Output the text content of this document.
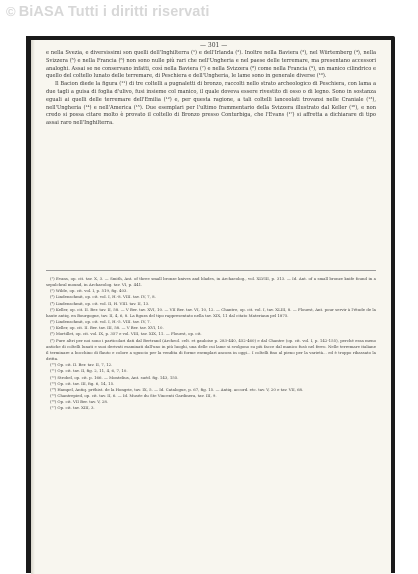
© BiASA Tutti i diritti riservati
— 301 —

e nella Svezia, e diversissimi son quelli dell'Inghilterra (¹) e dell'Irlanda (²). Inoltre nella Baviera (³), nel Würtemberg (⁴), nella Svizzera (⁵) e nella Francia (⁶) non sono nulle più rari che nell'Ungheria e nel paese delle terremare, ma presentano accessori analoghi. Assai se ne conservano infatti, così nella Baviera (⁷) e nella Svizzera (⁸) come nella Francia (⁹), un manico cilindrico e quello del coltello lunato delle terremare, di Peschiera e dell'Ungheria, le lame sono in generale diverse (¹⁰).

Il Bacion diede la figura (¹¹) di tre coltelli a pugnaletti di bronzo, raccolti nello strato archeologico di Peschiera, con lama a due tagli a guisa di foglia d'ulivo, fusi insieme col manico, il quale doveva essere rivestito di osso o di legno. Sono in sostanza eguali ai quelli delle terremare dell'Emilia (¹²) e, per questa ragione, a tali coltelli lanceolati trovansi nelle Craniale (¹³), nell'Ungheria (¹⁴) e nell'America (¹⁵). Due esemplari per l'ultimo frammentario della Svizzera illustrato dal Keller (¹⁶), e non credo si possa citare molto è provato il coltello di Bronzo presso Conturbiga, che l'Evans (¹⁷) si affretta a dichiarare di tipo assai raro nell'Inghilterra.

(¹) Evans, op. cit. tav. X, 3. — Smith, Ant. of three small bronze knives and blades, in Archaeolog., vol. XLVIII, p. 313. — Id. Ant. of a small bronze knife found in a sepulchral mound, in Archaeolog. tav. VI, p. 441.

(²) Wilde, op. cit. vol. I, p. 519, fig. 403.

(³) Lindenschmit, op. cit. vol. I, H.-8. VIII. tav. IV, 7, 8.

(⁴) Lindenschmit, op. cit. vol. II, H. VIII. tav. II, 13.

(⁵) Keller, op. cit. II. Ber. tav. II, 58. — V Ber. tav. XVI, 10. — VII Ber. tav. VI, 10, 12. — Chantre, op. cit. vol. I, tav. XLIII, 8. — Flouest, Ant. pour servir à l'étude de la haute antiq. en Bourgogne, tav. II, 4, 6, 8. La figura del tipo rappresentato nella tav. XIX, 11 dal citato Materiaux pel 1875.

(⁶) Lindenschmit, op. cit. vol. I, H.-5. VIII. tav. IV, 7.

(⁷) Keller, op. cit. II. Ber. tav. III, 58. — V Ber. tav. XVI, 10.

(⁸) Mortillet, op. cit. vol. IX, p. 357 e vol. VIII, tav. XIX, 11. — Flouest, op. cit.

(⁹) Pure altri per noi sono i particolari dati dal Bertrand (Archeol. celt. et gauloise p. 283-440, 452-460) e dal Chantre (op. cit. vol. I, p. 142-155), perché essa meno antiche di coltelli lunati e suoi derivati esaminati dall'uno in più luoghi, una delle cui lame si svolgono su più facce dal manico fusò nel ferro. Nelle terremare italiane il terminare a bocchino di flauto e colore a sguscio per la vendita di forme esemplari ancora in oggi... I coltelli fino al pieno per la varietà... ed è troppo ribassato la dritta.

(¹⁰) Op. cit. II. Ber. tav. II, 7, 12.

(¹¹) Op. cit. tav. II, fig. 2, 11, 4, 6, 7, 10.

(¹²) Strobel, op. cit. p. 166. — Montelius, Ant. suéd. fig. 143, 155.

(¹³) Op. cit. tav. III, fig. 6, 14, 15.

(¹⁴) Hampel, Antiq. préhist. de la Hongrie, tav. IX, 5. — Id. Catalogue, p. 67, fig. 15. — Antiq. accord. etc. tav. V, 20 e tav. VII, 68.

(¹⁵) Chantrepied, op. cit. tav. II, 6. — Id. Musée du Ste Vincenti Gardinera, tav. III, 9.

(¹⁶) Op. cit. VII Ber. tav. V, 28.

(¹⁷) Op. cit. tav. XIII, 3.
